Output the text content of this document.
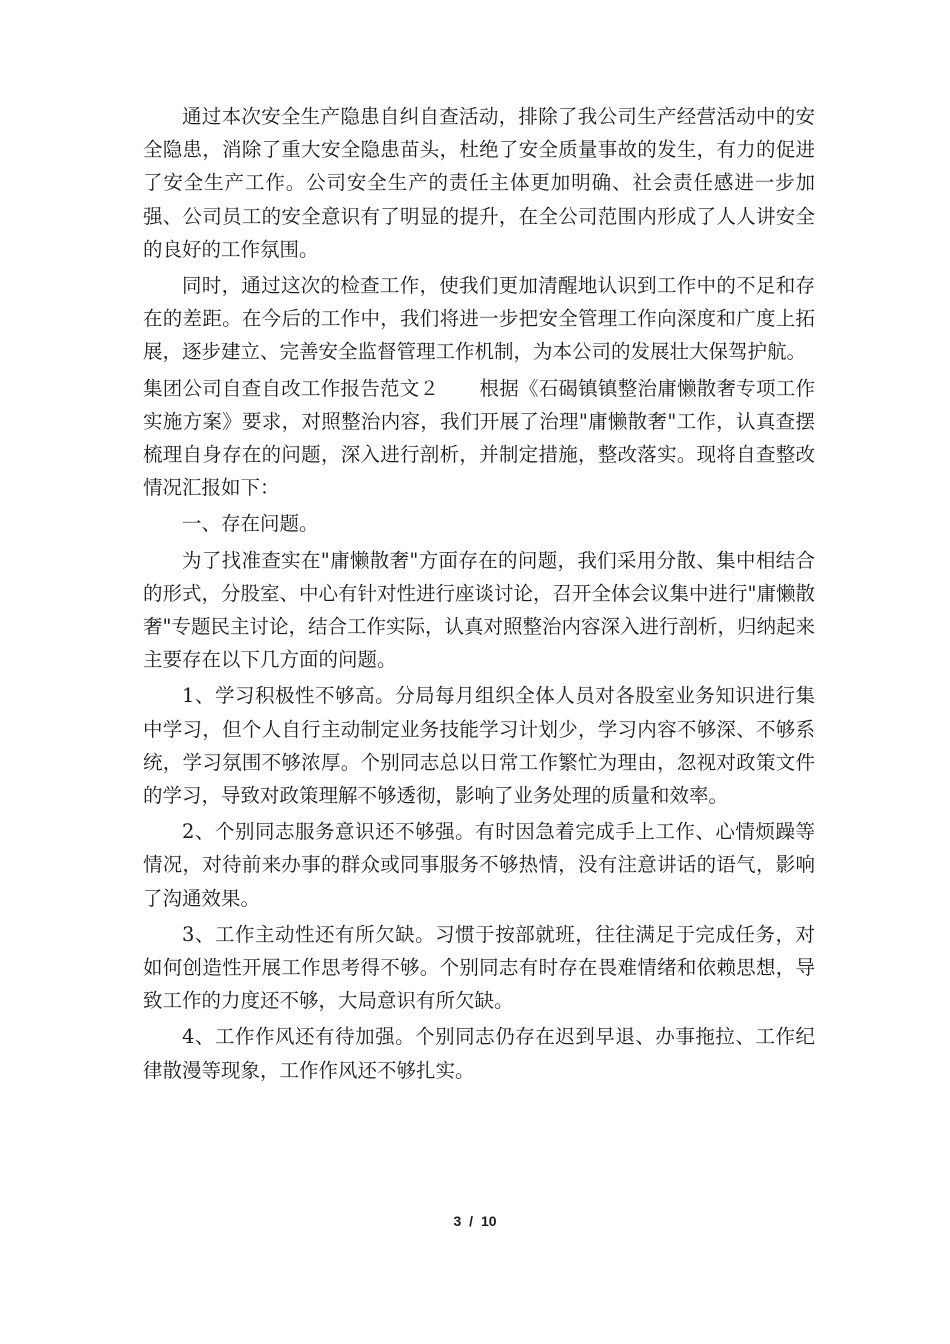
通过本次安全生产隐患自纠自查活动，排除了我公司生产经营活动中的安全隐患，消除了重大安全隐患苗头，杜绝了安全质量事故的发生，有力的促进了安全生产工作。公司安全生产的责任主体更加明确、社会责任感进一步加强、公司员工的安全意识有了明显的提升，在全公司范围内形成了人人讲安全的良好的工作氛围。

同时，通过这次的检查工作，使我们更加清醒地认识到工作中的不足和存在的差距。在今后的工作中，我们将进一步把安全管理工作向深度和广度上拓展，逐步建立、完善安全监督管理工作机制，为本公司的发展壮大保驾护航。

集团公司自查自改工作报告范文２ 根据《石碣镇镇整治庸懒散奢专项工作实施方案》要求，对照整治内容，我们开展了治理"庸懒散奢"工作，认真查摆梳理自身存在的问题，深入进行剖析，并制定措施，整改落实。现将自查整改情况汇报如下：

一、存在问题。

为了找准查实在"庸懒散奢"方面存在的问题，我们采用分散、集中相结合的形式，分股室、中心有针对性进行座谈讨论，召开全体会议集中进行"庸懒散奢"专题民主讨论，结合工作实际，认真对照整治内容深入进行剖析，归纳起来主要存在以下几方面的问题。

1、学习积极性不够高。分局每月组织全体人员对各股室业务知识进行集中学习，但个人自行主动制定业务技能学习计划少，学习内容不够深、不够系统，学习氛围不够浓厚。个别同志总以日常工作繁忙为理由，忽视对政策文件的学习，导致对政策理解不够透彻，影响了业务处理的质量和效率。

2、个别同志服务意识还不够强。有时因急着完成手上工作、心情烦躁等情况，对待前来办事的群众或同事服务不够热情，没有注意讲话的语气，影响了沟通效果。

3、工作主动性还有所欠缺。习惯于按部就班，往往满足于完成任务，对如何创造性开展工作思考得不够。个别同志有时存在畏难情绪和依赖思想，导致工作的力度还不够，大局意识有所欠缺。

4、工作作风还有待加强。个别同志仍存在迟到早退、办事拖拉、工作纪律散漫等现象，工作作风还不够扎实。

3 / 10
